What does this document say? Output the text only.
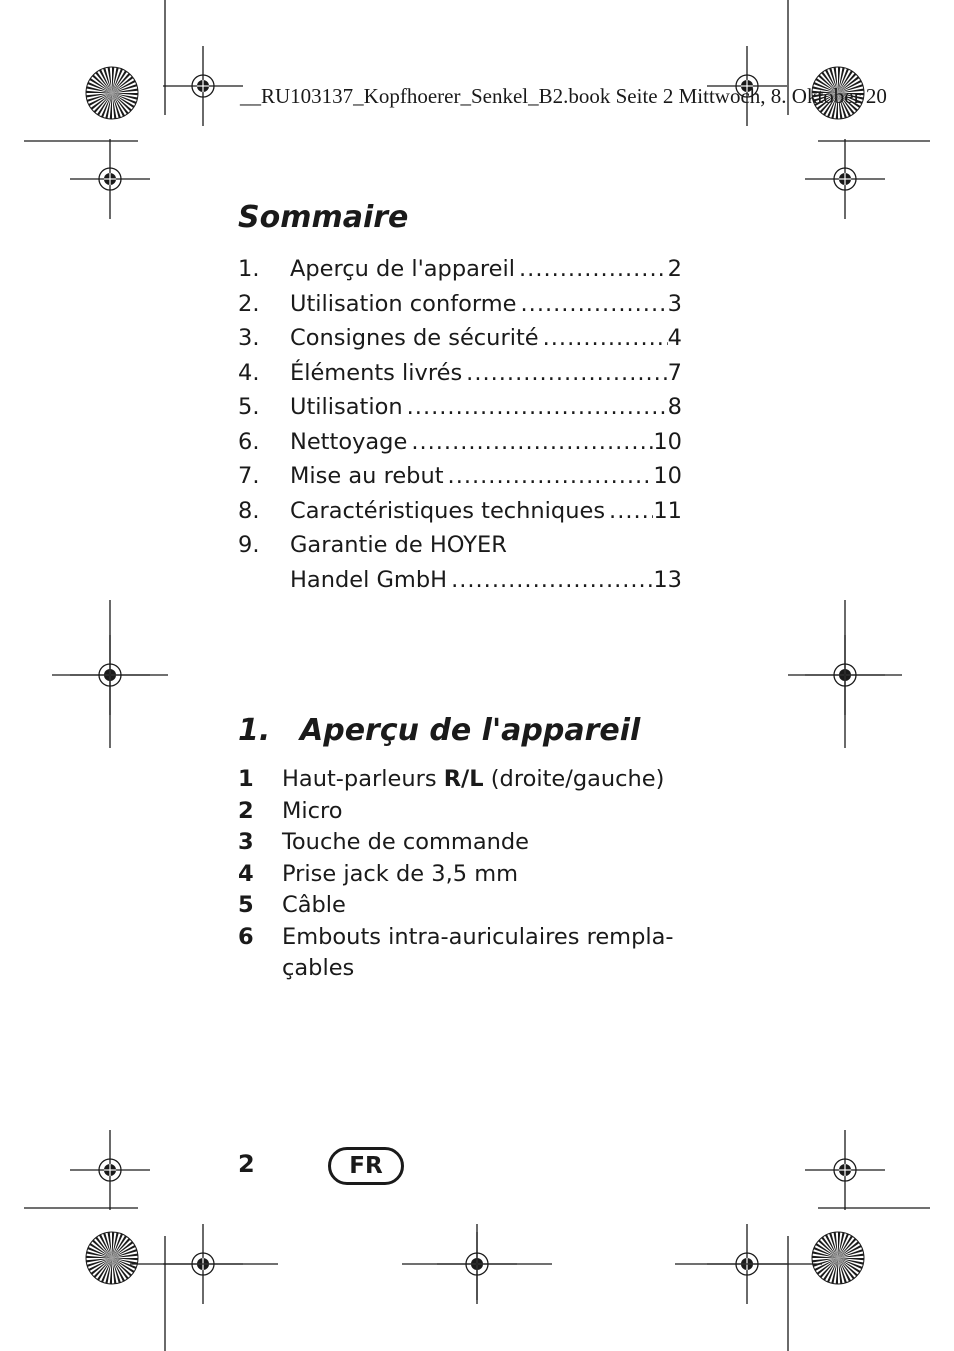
__RU103137_Kopfhoerer_Senkel_B2.book Seite 2 Mittwoch, 8. Oktober 20
Sommaire
1. Aperçu de l'appareil .....	2
2. Utilisation conforme .....	3
3. Consignes de sécurité .....	4
4. Éléments livrés .....	7
5. Utilisation .....	8
6. Nettoyage .....	10
7. Mise au rebut .....	10
8. Caractéristiques techniques ..... 11
9. Garantie de HOYER
Handel GmbH .....	13
1. Aperçu de l'appareil
1	Haut-parleurs R/L (droite/gauche)
2	Micro
3	Touche de commande
4	Prise jack de 3,5 mm
5	Câble
6	Embouts intra-auriculaires rempla-çables
2	FR
